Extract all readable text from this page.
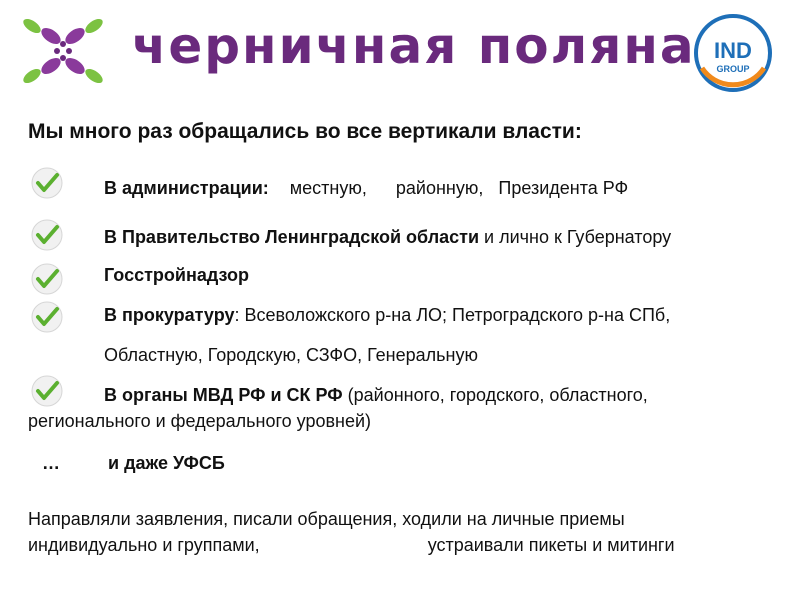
черничная поляна IND
GROUP
Мы много раз обращались во все вертикали власти:
В администрации: местную, районную, Президента РФ
В Правительство Ленинградской области и лично к Губернатору
Госстройнадзор
В прокуратуру: Всеволожского р-на ЛО; Петроградского р-на СПб,
Областную, Городскую, СЗФО, Генеральную
В органы МВД РФ и СК РФ (районного, городского, областного,
регионального и федерального уровней)
…	и даже УФСБ
Направляли заявления, писали обращения, ходили на личные приемы
индивидуально и группами,	устраивали пикеты и митинги
